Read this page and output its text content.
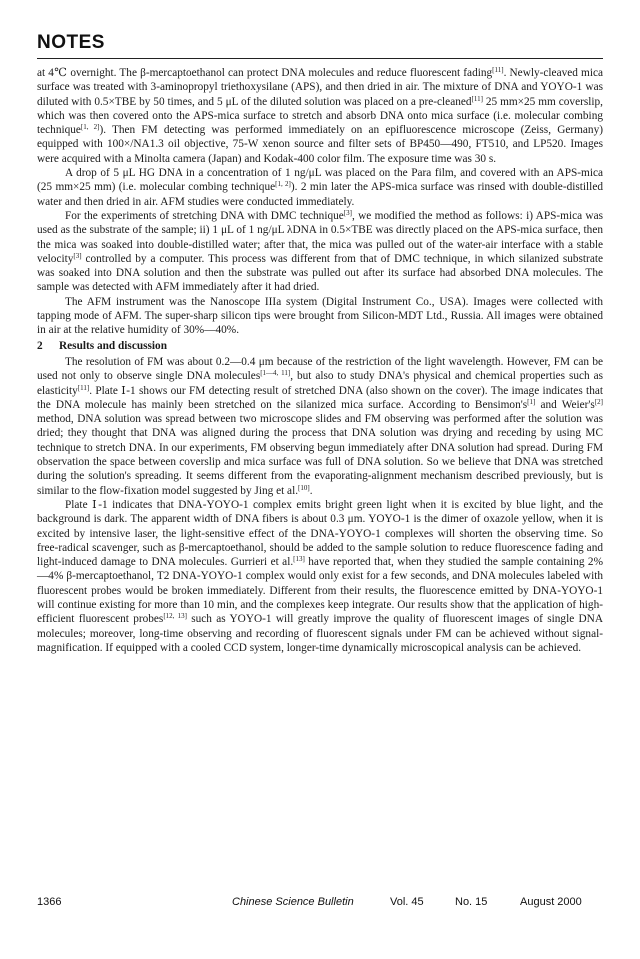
NOTES

at 4℃ overnight. The β-mercaptoethanol can protect DNA molecules and reduce fluorescent fading[11]. Newly-cleaved mica surface was treated with 3-aminopropyl triethoxysilane (APS), and then dried in air. The mixture of DNA and YOYO-1 was diluted with 0.5×TBE by 50 times, and 5 μL of the diluted solution was placed on a pre-cleaned[11] 25 mm×25 mm coverslip, which was then covered onto the APS-mica surface to stretch and absorb DNA onto mica surface (i.e. molecular combing technique[1, 2]). Then FM detecting was performed immediately on an epifluorescence microscope (Zeiss, Germany) equipped with 100×/NA1.3 oil objective, 75-W xenon source and filter sets of BP450—490, FT510, and LP520. Images were acquired with a Minolta camera (Japan) and Kodak-400 color film. The exposure time was 30 s.

A drop of 5 μL HG DNA in a concentration of 1 ng/μL was placed on the Para film, and covered with an APS-mica (25 mm×25 mm) (i.e. molecular combing technique[1, 2]). 2 min later the APS-mica surface was rinsed with double-distilled water and then dried in air. AFM studies were conducted immediately.

For the experiments of stretching DNA with DMC technique[3], we modified the method as follows: i) APS-mica was used as the substrate of the sample; ii) 1 μL of 1 ng/μL λDNA in 0.5×TBE was directly placed on the APS-mica surface, then the mica was soaked into double-distilled water; after that, the mica was pulled out of the water-air interface with a stable velocity[3] controlled by a computer. This process was different from that of DMC technique, in which silanized substrate was soaked into DNA solution and then the substrate was pulled out after its surface had absorbed DNA molecules. The sample was detected with AFM immediately after it had dried.

The AFM instrument was the Nanoscope IIIa system (Digital Instrument Co., USA). Images were collected with tapping mode of AFM. The super-sharp silicon tips were brought from Silicon-MDT Ltd., Russia. All images were obtained in air at the relative humidity of 30%—40%.

2 Results and discussion

The resolution of FM was about 0.2—0.4 μm because of the restriction of the light wavelength. However, FM can be used not only to observe single DNA molecules[1—4, 11], but also to study DNA's physical and chemical properties such as elasticity[11]. Plate Ⅰ-1 shows our FM detecting result of stretched DNA (also shown on the cover). The image indicates that the DNA molecule has mainly been stretched on the silanized mica surface. According to Bensimon's[1] and Weier's[2] method, DNA solution was spread between two microscope slides and FM observing was performed after the solution was dried; they thought that DNA was aligned during the process that DNA solution was drying and receding by using MC technique to stretch DNA. In our experiments, FM observing begun immediately after DNA solution had spread. During FM observation the space between coverslip and mica surface was full of DNA solution. So we believe that DNA was stretched during the solution's spreading. It seems different from the evaporating-alignment mechanism described previously, but is similar to the flow-fixation model suggested by Jing et al.[10].

Plate Ⅰ-1 indicates that DNA-YOYO-1 complex emits bright green light when it is excited by blue light, and the background is dark. The apparent width of DNA fibers is about 0.3 μm. YOYO-1 is the dimer of oxazole yellow, when it is excited by intensive laser, the light-sensitive effect of the DNA-YOYO-1 complexes will shorten the observing time. So free-radical scavenger, such as β-mercaptoethanol, should be added to the sample solution to reduce fluorescence fading and light-induced damage to DNA molecules. Gurrieri et al.[13] have reported that, when they studied the sample containing 2%—4% β-mercaptoethanol, T2 DNA-YOYO-1 complex would only exist for a few seconds, and DNA molecules labeled with fluorescent probes would be broken immediately. Different from their results, the fluorescence emitted by DNA-YOYO-1 will continue existing for more than 10 min, and the complexes keep integrate. Our results show that the application of high-efficient fluorescent probes[12, 13] such as YOYO-1 will greatly improve the quality of fluorescent images of single DNA molecules; moreover, long-time observing and recording of fluorescent signals under FM can be achieved without signal-magnification. If equipped with a cooled CCD system, longer-time dynamically microscopical analysis can be achieved.

1366	Chinese Science Bulletin	Vol. 45	No. 15	August 2000
